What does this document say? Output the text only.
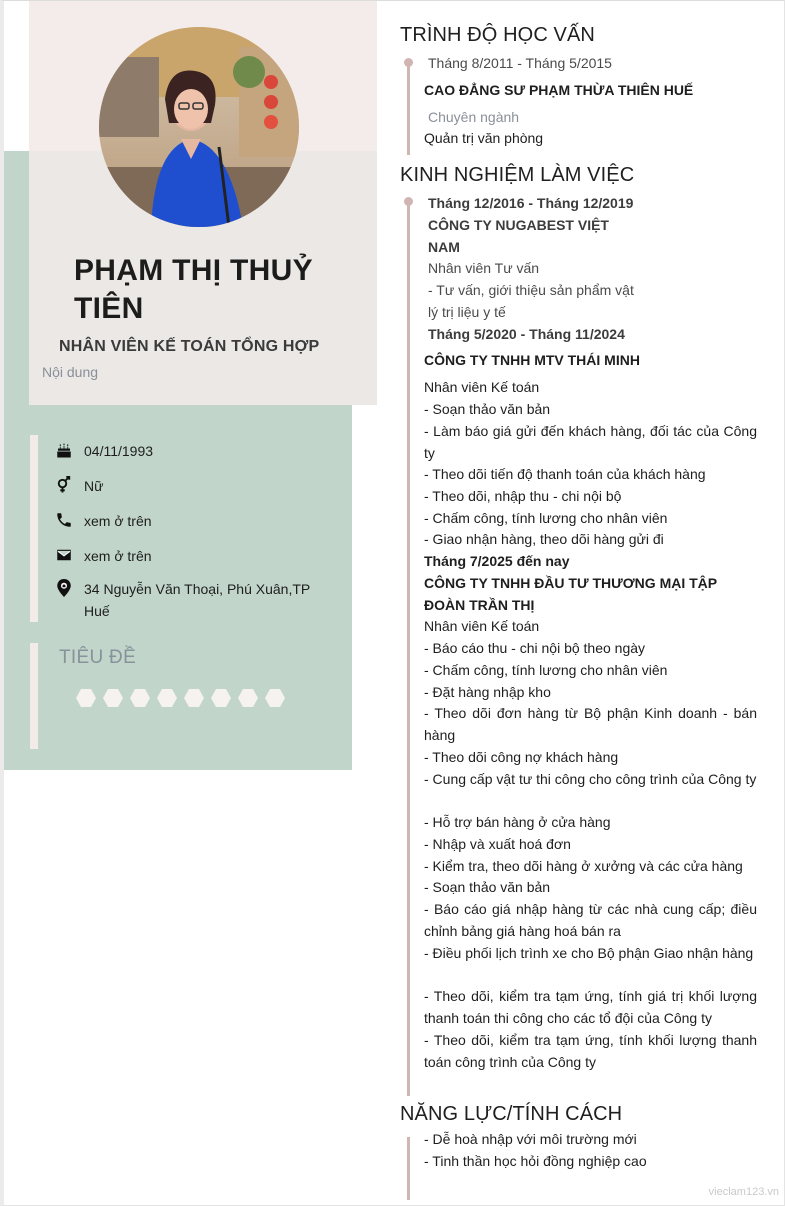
PHẠM THỊ THUỶ TIÊN
NHÂN VIÊN KẾ TOÁN TỔNG HỢP
Nội dung
04/11/1993
Nữ
xem ở trên
xem ở trên
34 Nguyễn Văn Thoại, Phú Xuân,TP Huế
TIÊU ĐỀ
TRÌNH ĐỘ HỌC VẤN
Tháng 8/2011 - Tháng 5/2015
CAO ĐẲNG SƯ PHẠM THỪA THIÊN HUẾ
Chuyên ngành
Quản trị văn phòng
KINH NGHIỆM LÀM VIỆC
Tháng 12/2016 - Tháng 12/2019
CÔNG TY NUGABEST VIỆT
NAM
Nhân viên Tư vấn
- Tư vấn, giới thiệu sản phẩm vật
lý trị liệu y tế
Tháng 5/2020 - Tháng 11/2024
CÔNG TY TNHH MTV THÁI MINH
Nhân viên Kế toán
- Soạn thảo văn bản
- Làm báo giá gửi đến khách hàng, đối tác của Công ty
- Theo dõi tiến độ thanh toán của khách hàng
- Theo dõi, nhập thu - chi nội bộ
- Chấm công, tính lương cho nhân viên
- Giao nhận hàng, theo dõi hàng gửi đi
Tháng 7/2025 đến nay
CÔNG TY TNHH ĐẦU TƯ THƯƠNG MẠI TẬP ĐOÀN TRẦN THỊ
Nhân viên Kế toán
- Báo cáo thu - chi nội bộ theo ngày
- Chấm công, tính lương cho nhân viên
- Đặt hàng nhập kho
- Theo dõi đơn hàng từ Bộ phận Kinh doanh - bán hàng
- Theo dõi công nợ khách hàng
- Cung cấp vật tư thi công cho công trình của Công ty
- Hỗ trợ bán hàng ở cửa hàng
- Nhập và xuất hoá đơn
- Kiểm tra, theo dõi hàng ở xưởng và các cửa hàng
- Soạn thảo văn bản
- Báo cáo giá nhập hàng từ các nhà cung cấp; điều chỉnh bảng giá hàng hoá bán ra
- Điều phối lịch trình xe cho Bộ phận Giao nhận hàng
- Theo dõi, kiểm tra tạm ứng, tính giá trị khối lượng thanh toán thi công cho các tổ đội của Công ty
- Theo dõi, kiểm tra tạm ứng, tính khối lượng thanh toán công trình của Công ty
NĂNG LỰC/TÍNH CÁCH
- Dễ hoà nhập với môi trường mới
- Tinh thần học hỏi đồng nghiệp cao
vieclam123.vn
